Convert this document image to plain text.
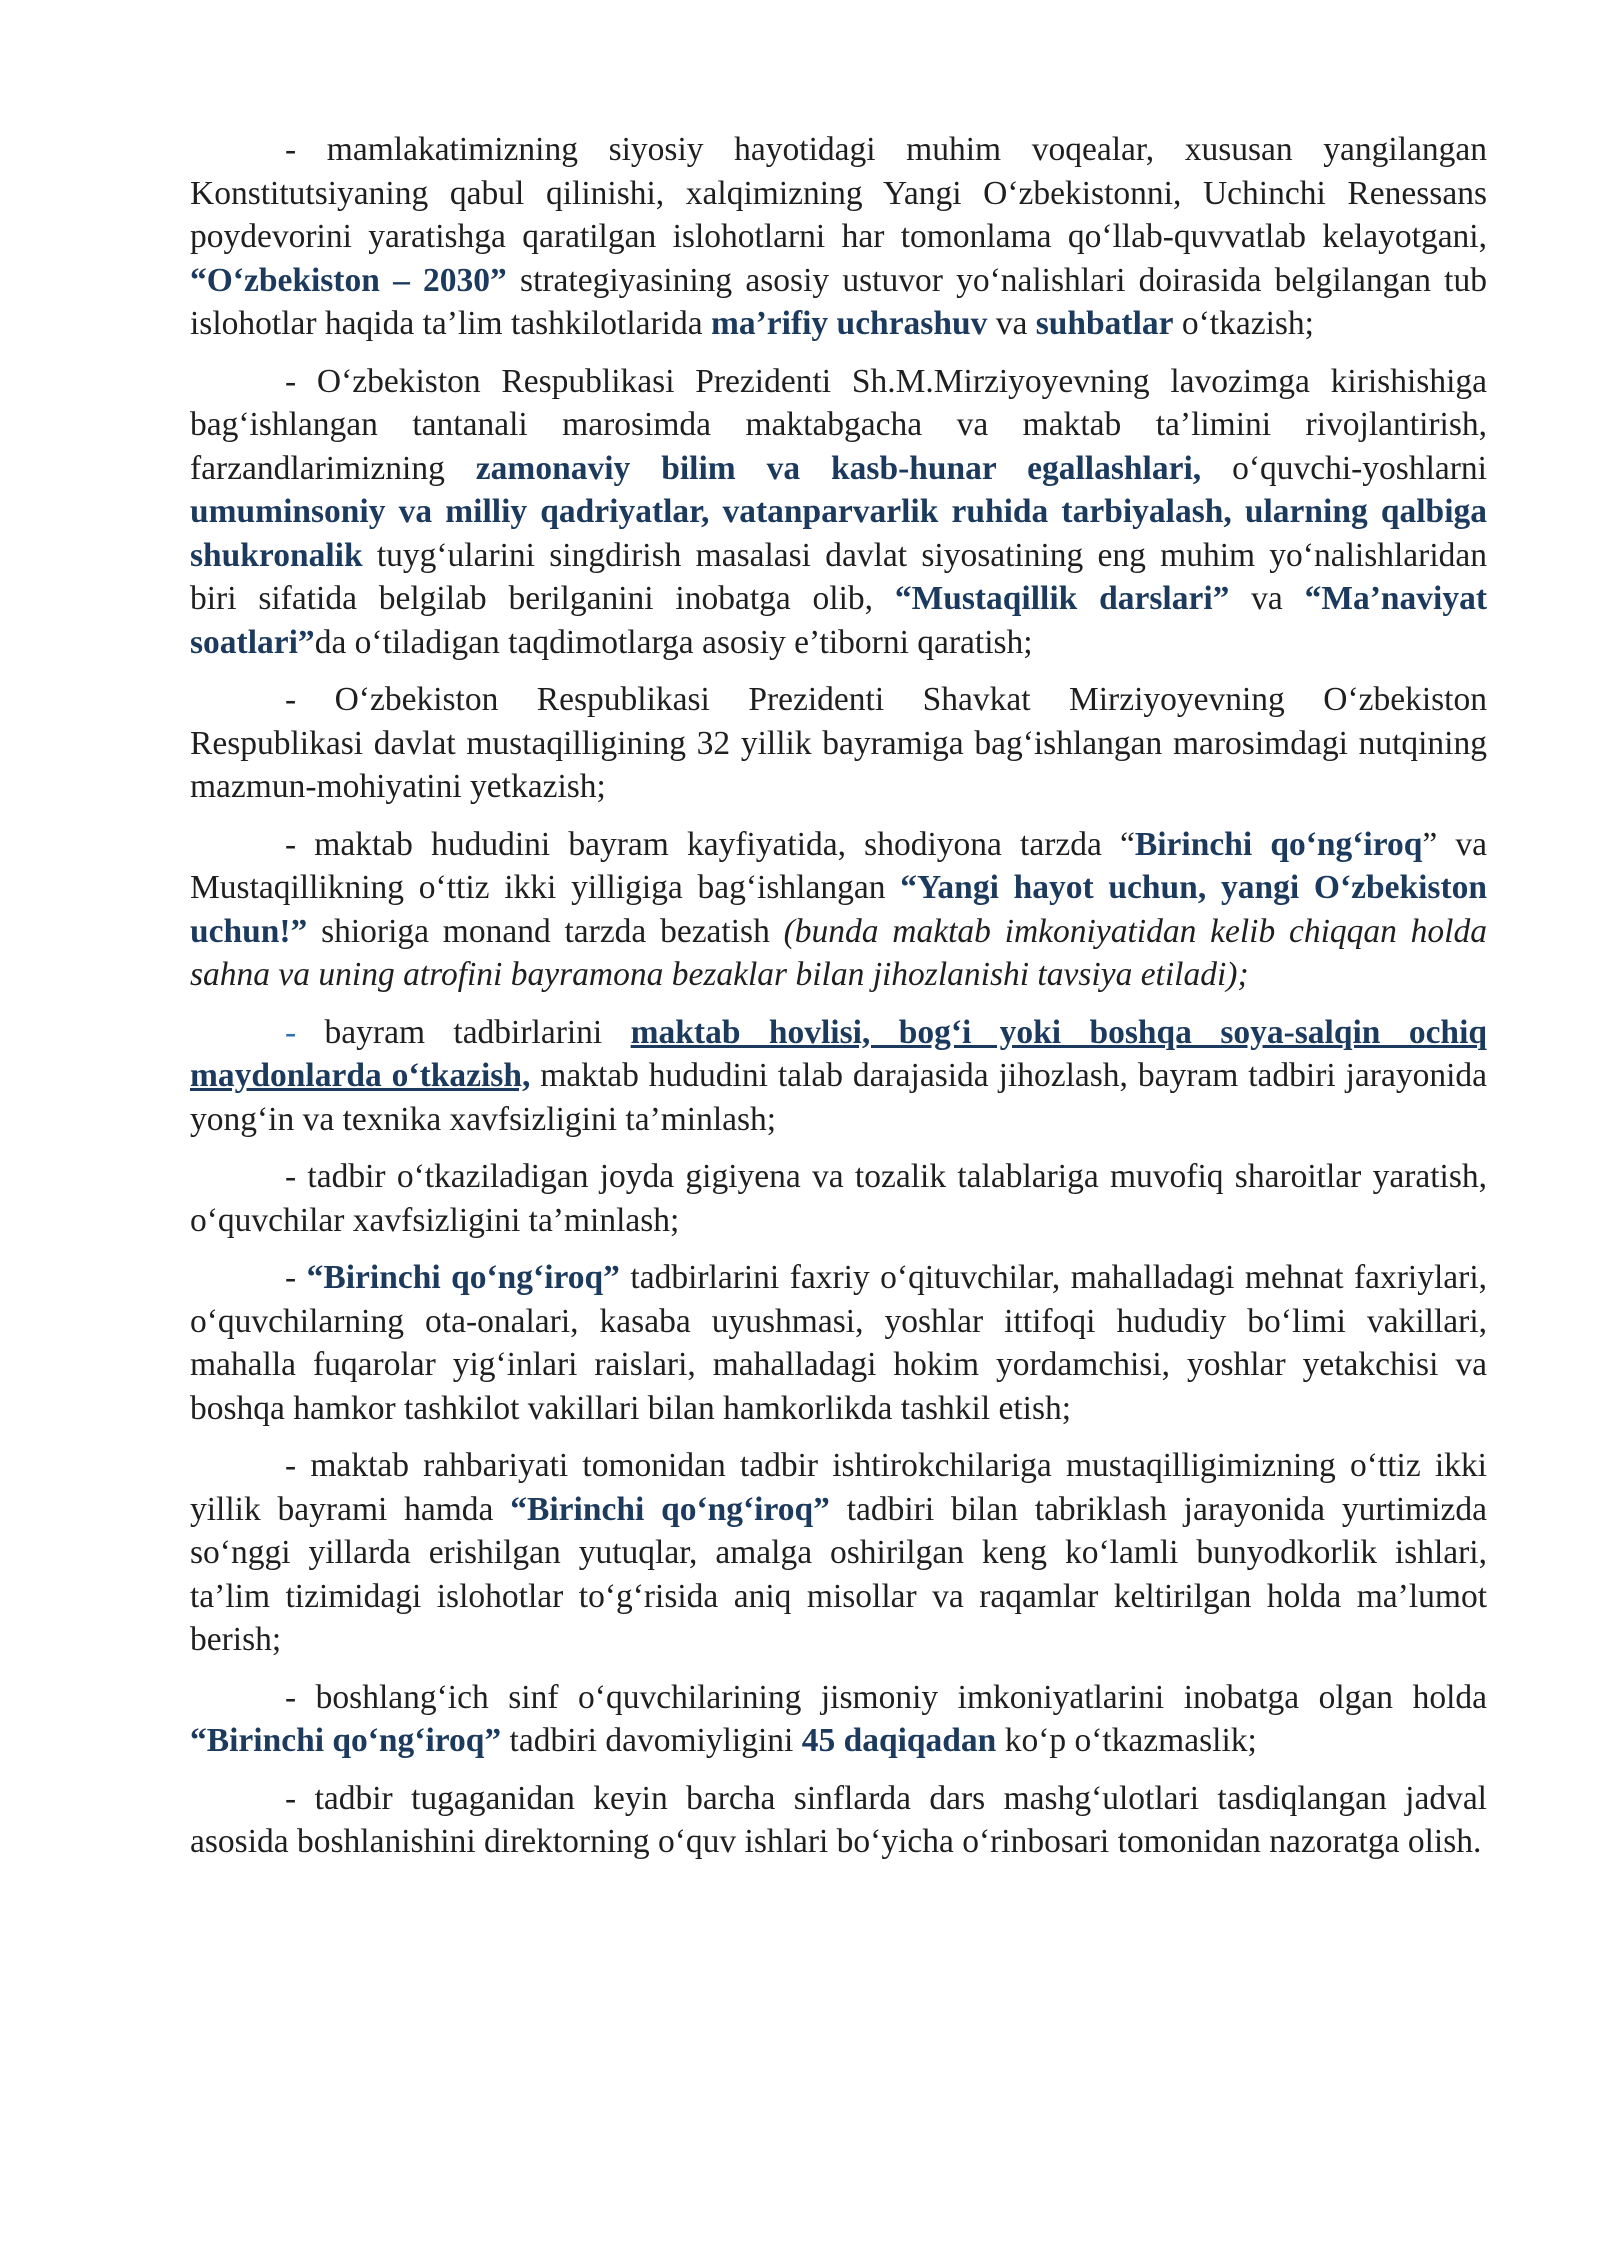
- mamlakatimizning siyosiy hayotidagi muhim voqealar, xususan yangilangan Konstitutsiyaning qabul qilinishi, xalqimizning Yangi O‘zbekistonni, Uchinchi Renessans poydevorini yaratishga qaratilgan islohotlarni har tomonlama qo‘llab-quvvatlab kelayotgani, “O‘zbekiston – 2030” strategiyasining asosiy ustuvor yo‘nalishlari doirasida belgilangan tub islohotlar haqida ta’lim tashkilotlarida ma’rifiy uchrashuv va suhbatlar o‘tkazish;

- O‘zbekiston Respublikasi Prezidenti Sh.M.Mirziyoyevning lavozimga kirishishiga bag‘ishlangan tantanali marosimda maktabgacha va maktab ta’limini rivojlantirish, farzandlarimizning zamonaviy bilim va kasb-hunar egallashlari, o‘quvchi-yoshlarni umuminsoniy va milliy qadriyatlar, vatanparvarlik ruhida tarbiyalash, ularning qalbiga shukronalik tuyg‘ularini singdirish masalasi davlat siyosatining eng muhim yo‘nalishlaridan biri sifatida belgilab berilganini inobatga olib, “Mustaqillik darslari” va “Ma’naviyat soatlari”da o‘tiladigan taqdimotlarga asosiy e’tiborni qaratish;

- O‘zbekiston Respublikasi Prezidenti Shavkat Mirziyoyevning O‘zbekiston Respublikasi davlat mustaqilligining 32 yillik bayramiga bag‘ishlangan marosimdagi nutqining mazmun-mohiyatini yetkazish;

- maktab hududini bayram kayfiyatida, shodiyona tarzda “Birinchi qo‘ng‘iroq” va Mustaqillikning o‘ttiz ikki yilligiga bag‘ishlangan “Yangi hayot uchun, yangi O‘zbekiston uchun!” shioriga monand tarzda bezatish (bunda maktab imkoniyatidan kelib chiqqan holda sahna va uning atrofini bayramona bezaklar bilan jihozlanishi tavsiya etiladi);

- bayram tadbirlarini maktab hovlisi, bog‘i yoki boshqa soya-salqin ochiq maydonlarda o‘tkazish, maktab hududini talab darajasida jihozlash, bayram tadbiri jarayonida yong‘in va texnika xavfsizligini ta’minlash;

- tadbir o‘tkaziladigan joyda gigiyena va tozalik talablariga muvofiq sharoitlar yaratish, o‘quvchilar xavfsizligini ta’minlash;

- “Birinchi qo‘ng‘iroq” tadbirlarini faxriy o‘qituvchilar, mahalladagi mehnat faxriylari, o‘quvchilarning ota-onalari, kasaba uyushmasi, yoshlar ittifoqi hududiy bo‘limi vakillari, mahalla fuqarolar yig‘inlari raislari, mahalladagi hokim yordamchisi, yoshlar yetakchisi va boshqa hamkor tashkilot vakillari bilan hamkorlikda tashkil etish;

- maktab rahbariyati tomonidan tadbir ishtirokchilariga mustaqilligimizning o‘ttiz ikki yillik bayrami hamda “Birinchi qo‘ng‘iroq” tadbiri bilan tabriklash jarayonida yurtimizda so‘nggi yillarda erishilgan yutuqlar, amalga oshirilgan keng ko‘lamli bunyodkorlik ishlari, ta’lim tizimidagi islohotlar to‘g‘risida aniq misollar va raqamlar keltirilgan holda ma’lumot berish;

- boshlang‘ich sinf o‘quvchilarining jismoniy imkoniyatlarini inobatga olgan holda “Birinchi qo‘ng‘iroq” tadbiri davomiyligini 45 daqiqadan ko‘p o‘tkazmaslik;

- tadbir tugaganidan keyin barcha sinflarda dars mashg‘ulotlari tasdiqlangan jadval asosida boshlanishini direktorning o‘quv ishlari bo‘yicha o‘rinbosari tomonidan nazoratga olish.
